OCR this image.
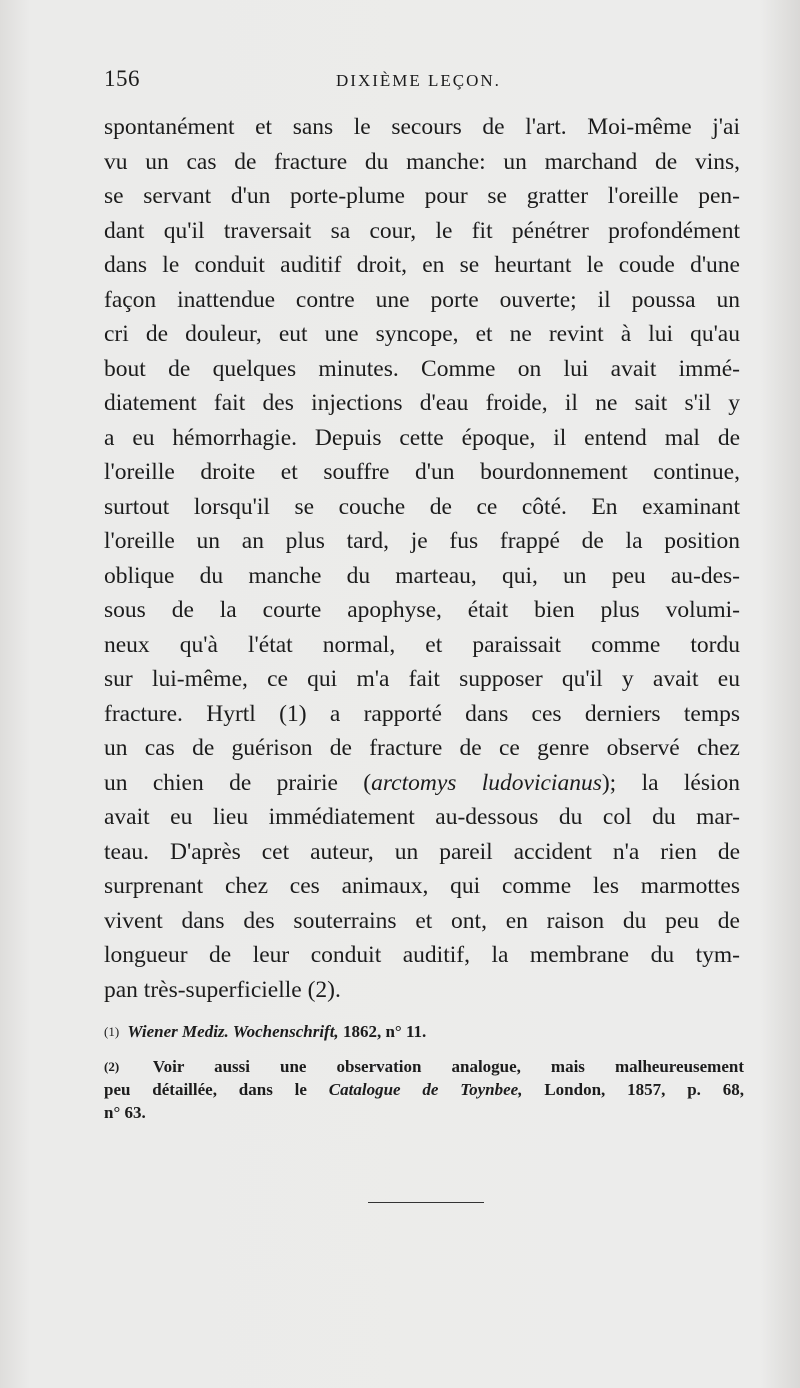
156	DIXIÈME LEÇON.
spontanément et sans le secours de l'art. Moi-même j'ai
vu un cas de fracture du manche: un marchand de vins,
se servant d'un porte-plume pour se gratter l'oreille pen-
dant qu'il traversait sa cour, le fit pénétrer profondément
dans le conduit auditif droit, en se heurtant le coude d'une
façon inattendue contre une porte ouverte; il poussa un
cri de douleur, eut une syncope, et ne revint à lui qu'au
bout de quelques minutes. Comme on lui avait immé-
diatement fait des injections d'eau froide, il ne sait s'il y
a eu hémorrhagie. Depuis cette époque, il entend mal de
l'oreille droite et souffre d'un bourdonnement continue,
surtout lorsqu'il se couche de ce côté. En examinant
l'oreille un an plus tard, je fus frappé de la position
oblique du manche du marteau, qui, un peu au-des-
sous de la courte apophyse, était bien plus volumi-
neux qu'à l'état normal, et paraissait comme tordu
sur lui-même, ce qui m'a fait supposer qu'il y avait eu
fracture. Hyrtl (1) a rapporté dans ces derniers temps
un cas de guérison de fracture de ce genre observé chez
un chien de prairie (arctomys ludovicianus); la lésion
avait eu lieu immédiatement au-dessous du col du mar-
teau. D'après cet auteur, un pareil accident n'a rien de
surprenant chez ces animaux, qui comme les marmottes
vivent dans des souterrains et ont, en raison du peu de
longueur de leur conduit auditif, la membrane du tym-
pan très-superficielle (2).
(1) Wiener Mediz. Wochenschrift, 1862, n° 11.
(2) Voir aussi une observation analogue, mais malheureusement
peu détaillée, dans le Catalogue de Toynbee, London, 1857, p. 68,
n° 63.
